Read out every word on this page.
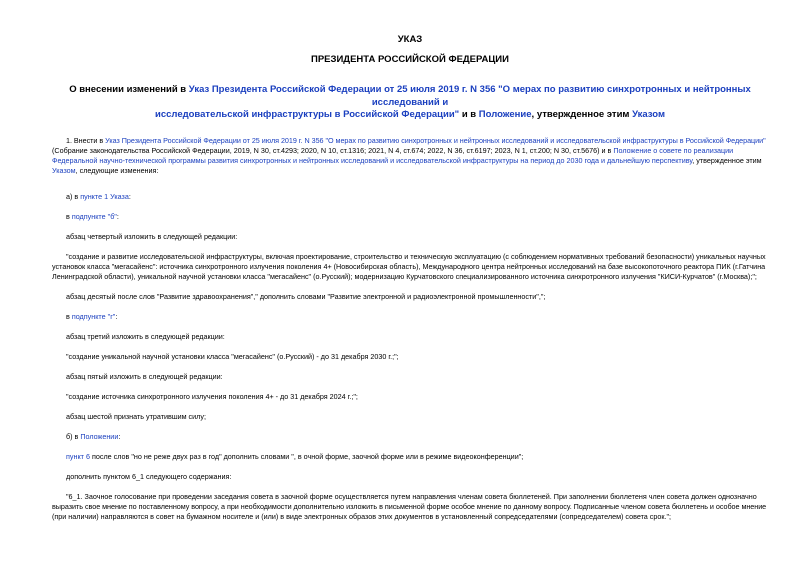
УКАЗ
ПРЕЗИДЕНТА РОССИЙСКОЙ ФЕДЕРАЦИИ
О внесении изменений в Указ Президента Российской Федерации от 25 июля 2019 г. N 356 "О мерах по развитию синхротронных и нейтронных исследований и
исследовательской инфраструктуры в Российской Федерации" и в Положение, утвержденное этим Указом
1. Внести в Указ Президента Российской Федерации от 25 июля 2019 г. N 356 "О мерах по развитию синхротронных и нейтронных исследований и исследовательской инфраструктуры в Российской Федерации"
(Собрание законодательства Российской Федерации, 2019, N 30, ст.4293; 2020, N 10, ст.1316; 2021, N 4, ст.674; 2022, N 36, ст.6197; 2023, N 1, ст.200; N 30, ст.5676) и в Положение о совете по реализации
Федеральной научно-технической программы развития синхротронных и нейтронных исследований и исследовательской инфраструктуры на период до 2030 года и дальнейшую перспективу, утвержденное этим
Указом, следующие изменения:
а) в пункте 1 Указа:
в подпункте "б":
абзац четвертый изложить в следующей редакции:
"создание и развитие исследовательской инфраструктуры, включая проектирование, строительство и техническую эксплуатацию (с соблюдением нормативных требований безопасности) уникальных научных
установок класса "мегасайенс": источника синхротронного излучения поколения 4+ (Новосибирская область), Международного центра нейтронных исследований на базе высокопоточного реактора ПИК (г.Гатчина
Ленинградской области), уникальной научной установки класса "мегасайенс" (о.Русский); модернизацию Курчатовского специализированного источника синхротронного излучения "КИСИ-Курчатов" (г.Москва);";
абзац десятый после слов "Развитие здравоохранения"," дополнить словами "Развитие электронной и радиоэлектронной промышленности",";
в подпункте "г":
абзац третий изложить в следующей редакции:
"создание уникальной научной установки класса "мегасайенс" (о.Русский) - до 31 декабря 2030 г.;";
абзац пятый изложить в следующей редакции:
"создание источника синхротронного излучения поколения 4+ - до 31 декабря 2024 г.;";
абзац шестой признать утратившим силу;
б) в Положении:
пункт 6 после слов "но не реже двух раз в год" дополнить словами ", в очной форме, заочной форме или в режиме видеоконференции";
дополнить пунктом 6_1 следующего содержания:
"6_1. Заочное голосование при проведении заседания совета в заочной форме осуществляется путем направления членам совета бюллетеней. При заполнении бюллетеня член совета должен однозначно
выразить свое мнение по поставленному вопросу, а при необходимости дополнительно изложить в письменной форме особое мнение по данному вопросу. Подписанные членом совета бюллетень и особое мнение
(при наличии) направляются в совет на бумажном носителе и (или) в виде электронных образов этих документов в установленный сопредседателями (сопредседателем) совета срок.";
